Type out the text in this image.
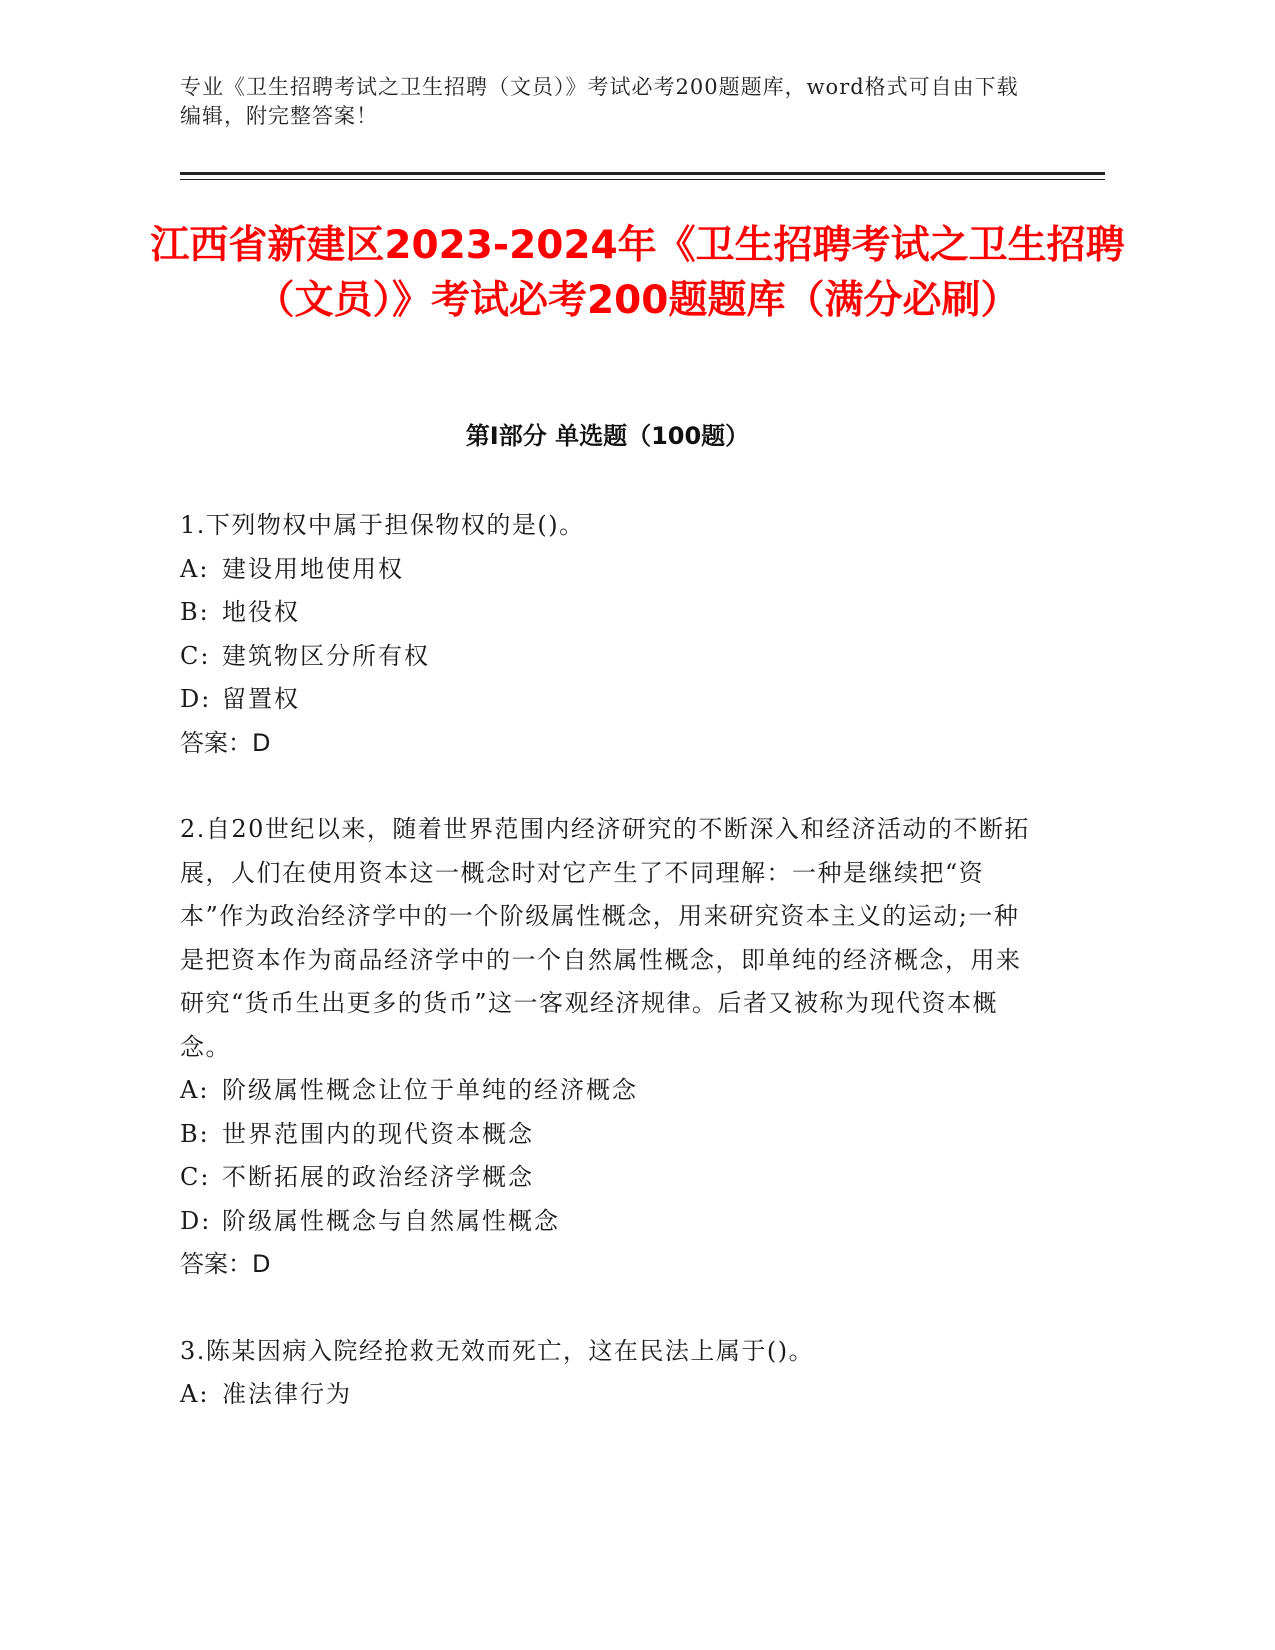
专业《卫生招聘考试之卫生招聘（文员）》考试必考200题题库，word格式可自由下载编辑，附完整答案！
江西省新建区2023-2024年《卫生招聘考试之卫生招聘（文员）》考试必考200题题库（满分必刷）
第I部分 单选题（100题）

1.下列物权中属于担保物权的是()。

A: 建设用地使用权

B: 地役权

C: 建筑物区分所有权

D: 留置权

答案：D

2.自20世纪以来，随着世界范围内经济研究的不断深入和经济活动的不断拓展，人们在使用资本这一概念时对它产生了不同理解：一种是继续把“资本”作为政治经济学中的一个阶级属性概念，用来研究资本主义的运动;一种是把资本作为商品经济学中的一个自然属性概念，即单纯的经济概念，用来研究“货币生出更多的货币”这一客观经济规律。后者又被称为现代资本概念。

A: 阶级属性概念让位于单纯的经济概念

B: 世界范围内的现代资本概念

C: 不断拓展的政治经济学概念

D: 阶级属性概念与自然属性概念

答案：D

3.陈某因病入院经抢救无效而死亡，这在民法上属于()。

A: 准法律行为
